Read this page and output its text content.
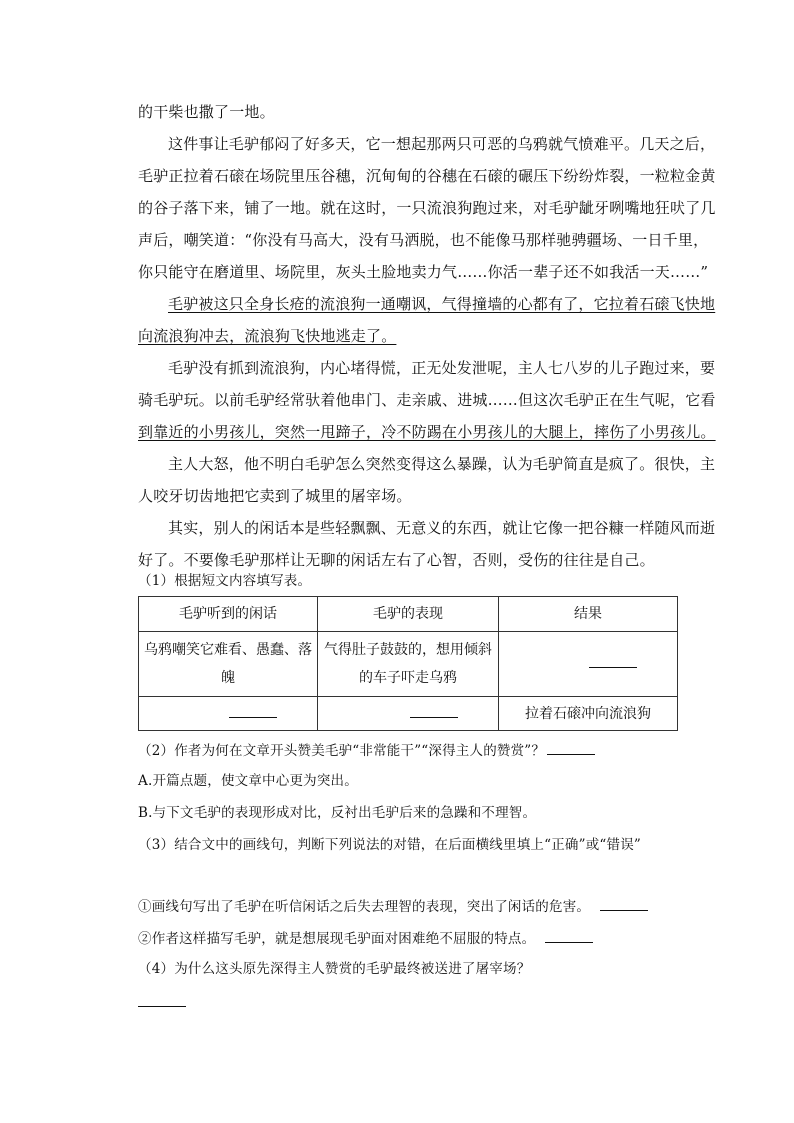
的干柴也撒了一地。
这件事让毛驴郁闷了好多天，它一想起那两只可恶的乌鸦就气愤难平。几天之后，
毛驴正拉着石磙在场院里压谷穗，沉甸甸的谷穗在石磙的碾压下纷纷炸裂，一粒粒金黄
的谷子落下来，铺了一地。就在这时，一只流浪狗跑过来，对毛驴龇牙咧嘴地狂吠了几
声后，嘲笑道：“你没有马高大，没有马洒脱，也不能像马那样驰骋疆场、一日千里，
你只能守在磨道里、场院里，灰头土脸地卖力气……你活一辈子还不如我活一天……”
毛驴被这只全身长疮的流浪狗一通嘲讽，气得撞墙的心都有了，它拉着石磙飞快地
向流浪狗冲去，流浪狗飞快地逃走了。
毛驴没有抓到流浪狗，内心堵得慌，正无处发泄呢，主人七八岁的儿子跑过来，要
骑毛驴玩。以前毛驴经常驮着他串门、走亲戚、进城……但这次毛驴正在生气呢，它看
到靠近的小男孩儿，突然一甩蹄子，冷不防踢在小男孩儿的大腿上，摔伤了小男孩儿。
主人大怒，他不明白毛驴怎么突然变得这么暴躁，认为毛驴简直是疯了。很快，主
人咬牙切齿地把它卖到了城里的屠宰场。
其实，别人的闲话本是些轻飘飘、无意义的东西，就让它像一把谷糠一样随风而逝
好了。不要像毛驴那样让无聊的闲话左右了心智，否则，受伤的往往是自己。
（1）根据短文内容填写表。
毛驴听到的闲话	毛驴的表现	结果
乌鸦嘲笑它难看、愚蠢、落魄	气得肚子鼓鼓的，想用倾斜的车子吓走乌鸦	
		拉着石磙冲向流浪狗
（2）作者为何在文章开头赞美毛驴“非常能干”“深得主人的赞赏”？
A.开篇点题，使文章中心更为突出。
B.与下文毛驴的表现形成对比，反衬出毛驴后来的急躁和不理智。
（3）结合文中的画线句，判断下列说法的对错，在后面横线里填上“正确”或“错误”
①画线句写出了毛驴在听信闲话之后失去理智的表现，突出了闲话的危害。
②作者这样描写毛驴，就是想展现毛驴面对困难绝不屈服的特点。
（4）为什么这头原先深得主人赞赏的毛驴最终被送进了屠宰场？
